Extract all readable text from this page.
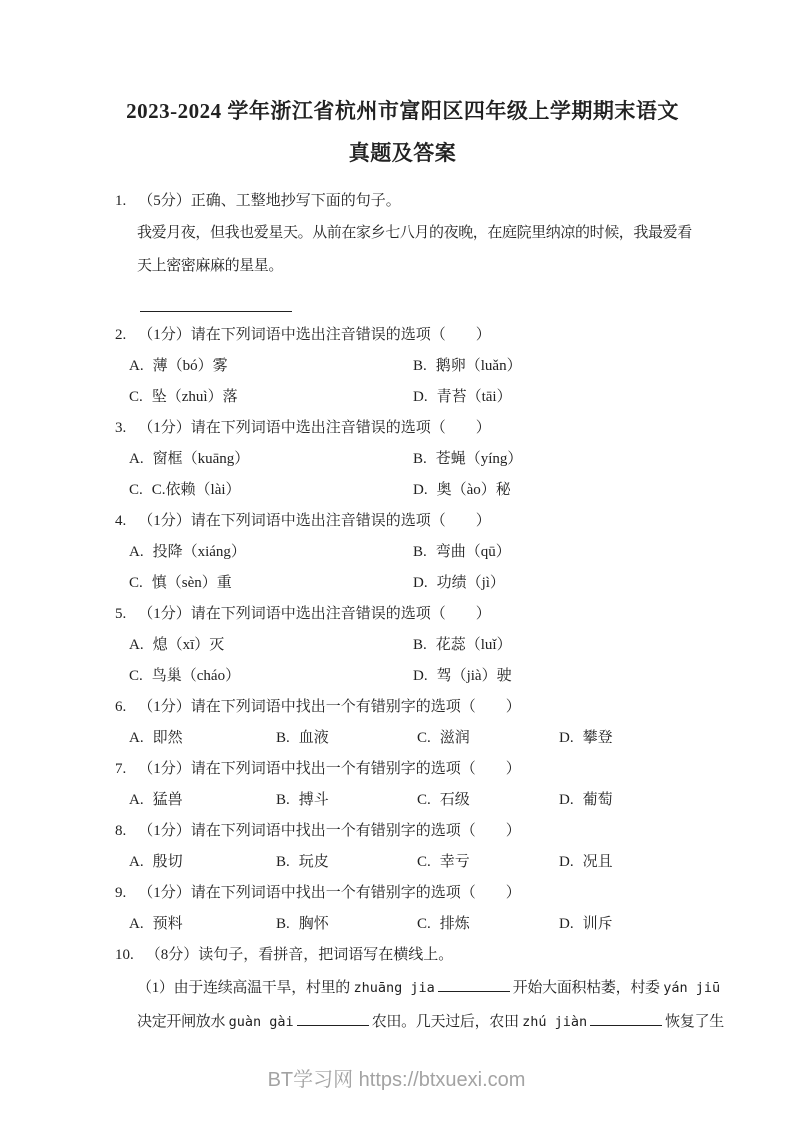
2023-2024 学年浙江省杭州市富阳区四年级上学期期末语文
真题及答案
1. （5分）正确、工整地抄写下面的句子。
我爱月夜，但我也爱星天。从前在家乡七八月的夜晚，在庭院里纳凉的时候，我最爱看
天上密密麻麻的星星。
2. （1分）请在下列词语中选出注音错误的选项（　　）
A. 薄（bó）雾	B. 鹅卵（luǎn）
C. 坠（zhuì）落	D. 青苔（tāi）
3. （1分）请在下列词语中选出注音错误的选项（　　）
A. 窗框（kuāng）	B. 苍蝇（yíng）
C. C.依赖（lài）	D. 奥（ào）秘
4. （1分）请在下列词语中选出注音错误的选项（　　）
A. 投降（xiáng）	B. 弯曲（qū）
C. 慎（sèn）重	D. 功绩（jì）
5. （1分）请在下列词语中选出注音错误的选项（　　）
A. 熄（xī）灭	B. 花蕊（luǐ）
C. 鸟巢（cháo）	D. 驾（jià）驶
6. （1分）请在下列词语中找出一个有错别字的选项（　　）
A. 即然	B. 血液	C. 滋润	D. 攀登
7. （1分）请在下列词语中找出一个有错别字的选项（　　）
A. 猛兽	B. 搏斗	C. 石级	D. 葡萄
8. （1分）请在下列词语中找出一个有错别字的选项（　　）
A. 殷切	B. 玩皮	C. 幸亏	D. 况且
9. （1分）请在下列词语中找出一个有错别字的选项（　　）
A. 预料	B. 胸怀	C. 排炼	D. 训斥
10. （8分）读句子，看拼音，把词语写在横线上。
（1）由于连续高温干旱，村里的 zhuāng jia	开始大面积枯萎，村委 yán jiū
决定开闸放水 guàn gài	农田。几天过后，农田 zhú jiàn	恢复了生
BT学习网 https://btxuexi.com
